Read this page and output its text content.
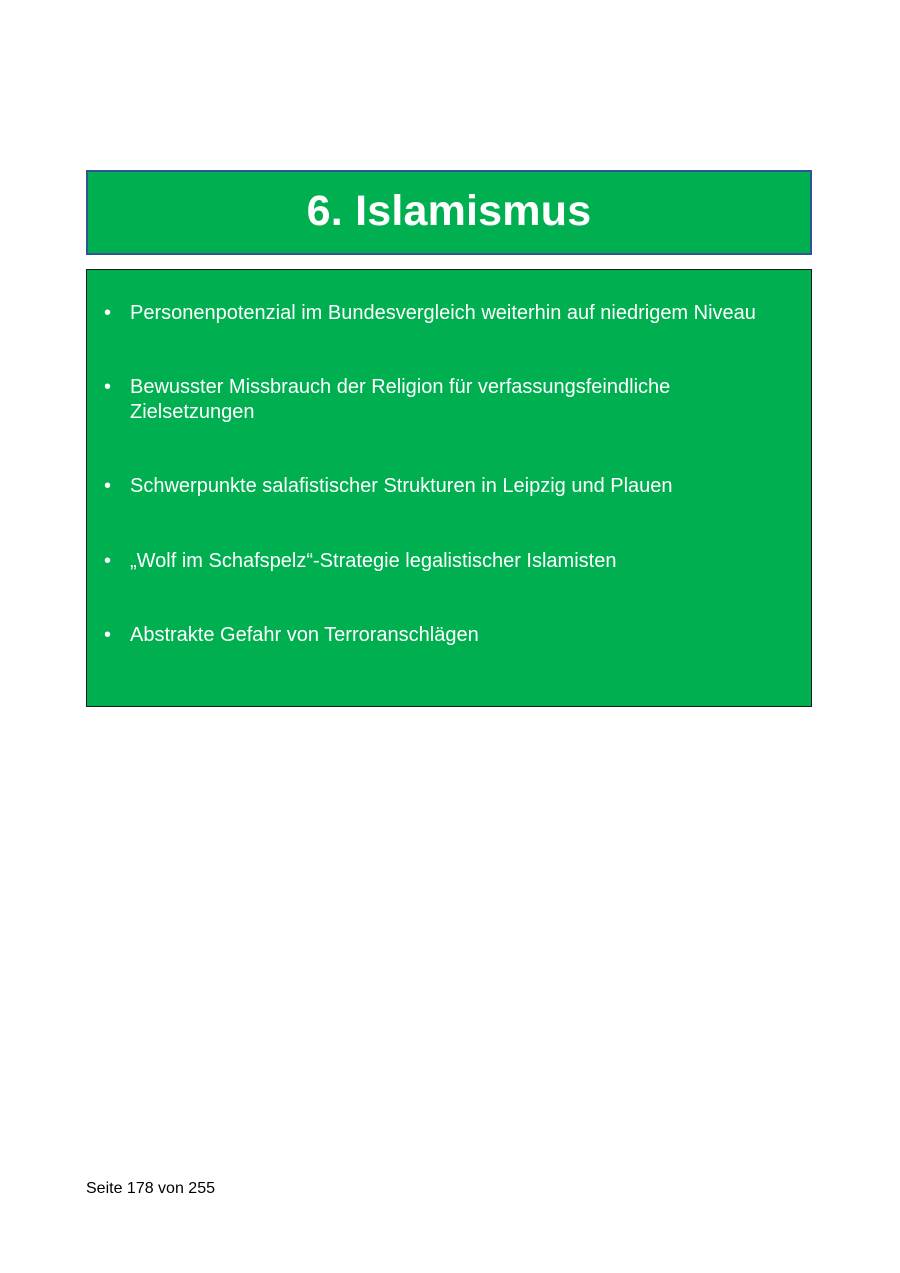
6. Islamismus
• Personenpotenzial im Bundesvergleich weiterhin auf niedrigem Niveau
• Bewusster Missbrauch der Religion für verfassungsfeindliche Zielsetzungen
• Schwerpunkte salafistischer Strukturen in Leipzig und Plauen
• „Wolf im Schafspelz“-Strategie legalistischer Islamisten
• Abstrakte Gefahr von Terroranschlägen
Seite 178 von 255
